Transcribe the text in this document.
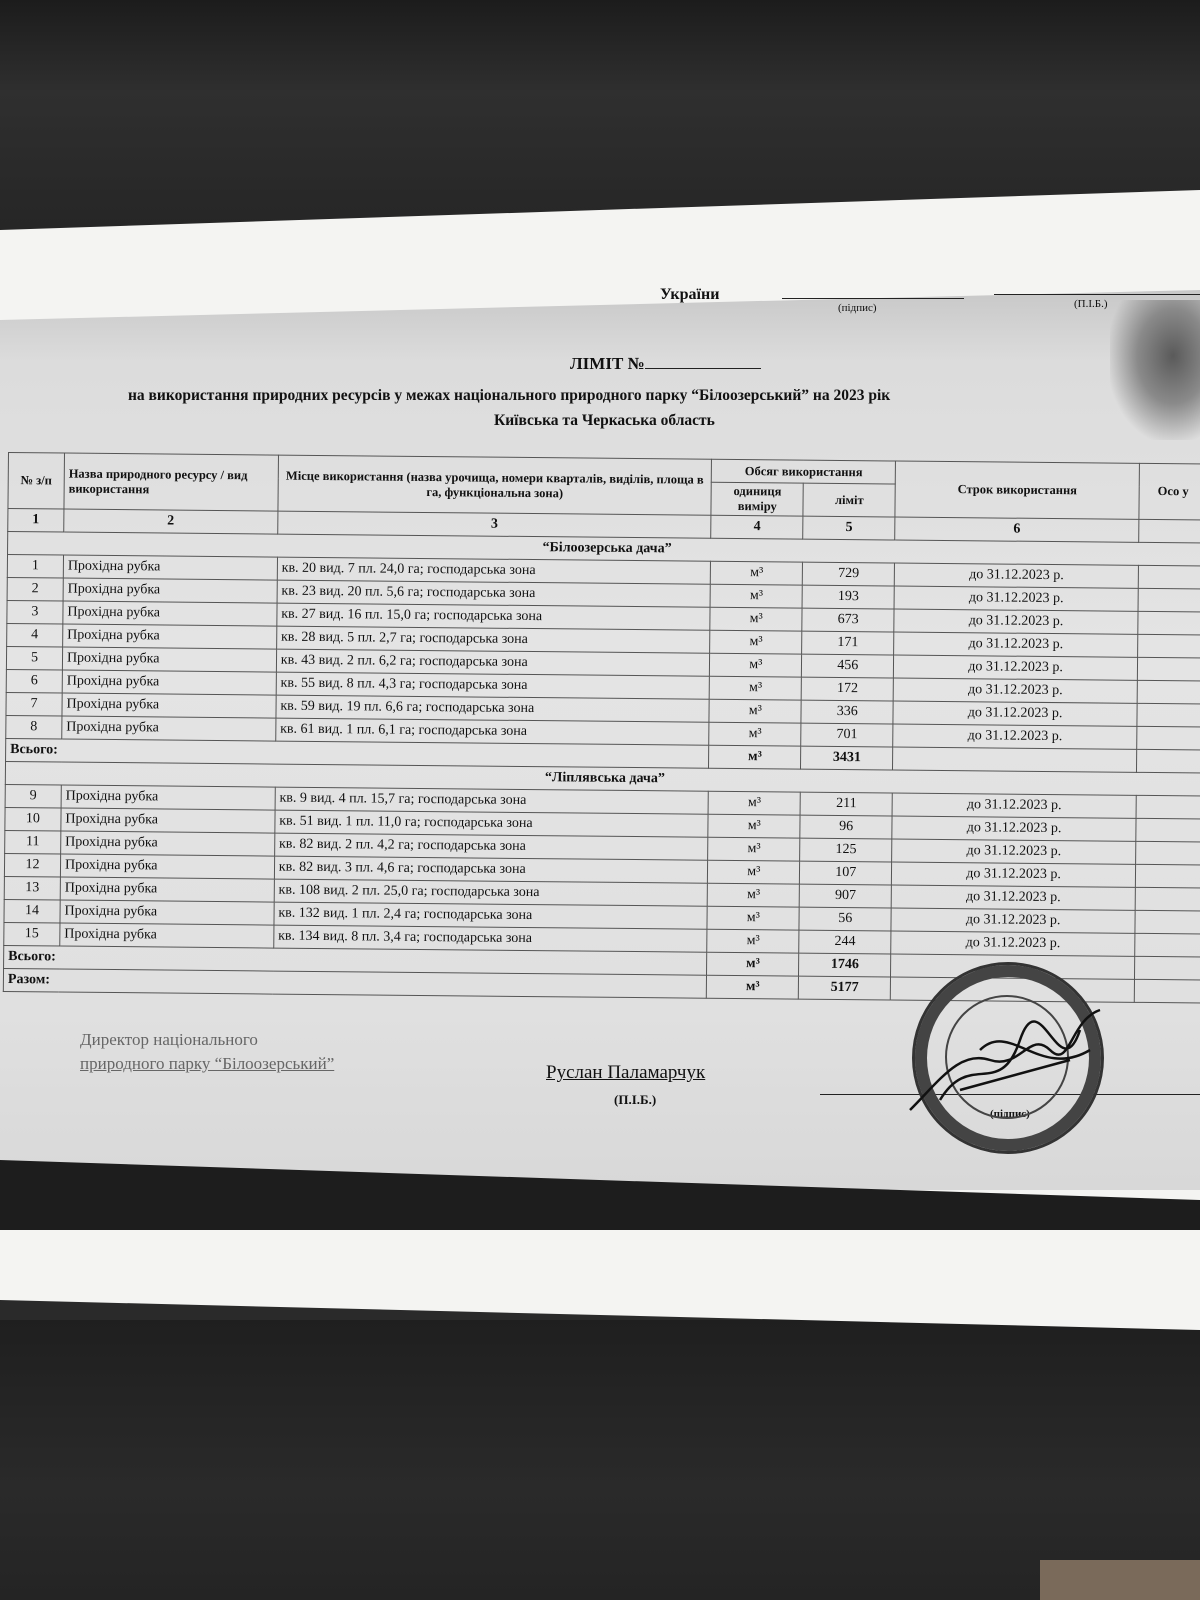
України
(підпис)	(П.І.Б.)
ЛІМІТ №
на використання природних ресурсів у межах національного природного парку “Білоозерський” на 2023 рік
Київська та Черкаська область
№ з/п	Назва природного ресурсу / вид використання	Місце використання (назва урочища, номери кварталів, виділів, площа в га, функціональна зона)	Обсяг використання		Строк використання	Осо у
			одиниця виміру	ліміт		
1	2	3	4	5	6	
“Білоозерська дача”						
1	Прохідна рубка	кв. 20 вид. 7 пл. 24,0 га; господарська зона	м³	729	до 31.12.2023 р.	
2	Прохідна рубка	кв. 23 вид. 20 пл. 5,6 га; господарська зона	м³	193	до 31.12.2023 р.	
3	Прохідна рубка	кв. 27 вид. 16 пл. 15,0 га; господарська зона	м³	673	до 31.12.2023 р.	
4	Прохідна рубка	кв. 28 вид. 5 пл. 2,7 га; господарська зона	м³	171	до 31.12.2023 р.	
5	Прохідна рубка	кв. 43 вид. 2 пл. 6,2 га; господарська зона	м³	456	до 31.12.2023 р.	
6	Прохідна рубка	кв. 55 вид. 8 пл. 4,3 га; господарська зона	м³	172	до 31.12.2023 р.	
7	Прохідна рубка	кв. 59 вид. 19 пл. 6,6 га; господарська зона	м³	336	до 31.12.2023 р.	
8	Прохідна рубка	кв. 61 вид. 1 пл. 6,1 га; господарська зона	м³	701	до 31.12.2023 р.	
Всього:			м³	3431		
“Ліплявська дача”						
9	Прохідна рубка	кв. 9 вид. 4 пл. 15,7 га; господарська зона	м³	211	до 31.12.2023 р.	
10	Прохідна рубка	кв. 51 вид. 1 пл. 11,0 га; господарська зона	м³	96	до 31.12.2023 р.	
11	Прохідна рубка	кв. 82 вид. 2 пл. 4,2 га; господарська зона	м³	125	до 31.12.2023 р.	
12	Прохідна рубка	кв. 82 вид. 3 пл. 4,6 га; господарська зона	м³	107	до 31.12.2023 р.	
13	Прохідна рубка	кв. 108 вид. 2 пл. 25,0 га; господарська зона	м³	907	до 31.12.2023 р.	
14	Прохідна рубка	кв. 132 вид. 1 пл. 2,4 га; господарська зона	м³	56	до 31.12.2023 р.	
15	Прохідна рубка	кв. 134 вид. 8 пл. 3,4 га; господарська зона	м³	244	до 31.12.2023 р.	
Всього:			м³	1746		
Разом:			м³	5177		
Директор національного
природного парку “Білоозерський”	Руслан Паламарчук
(П.І.Б.)
(підпис)
